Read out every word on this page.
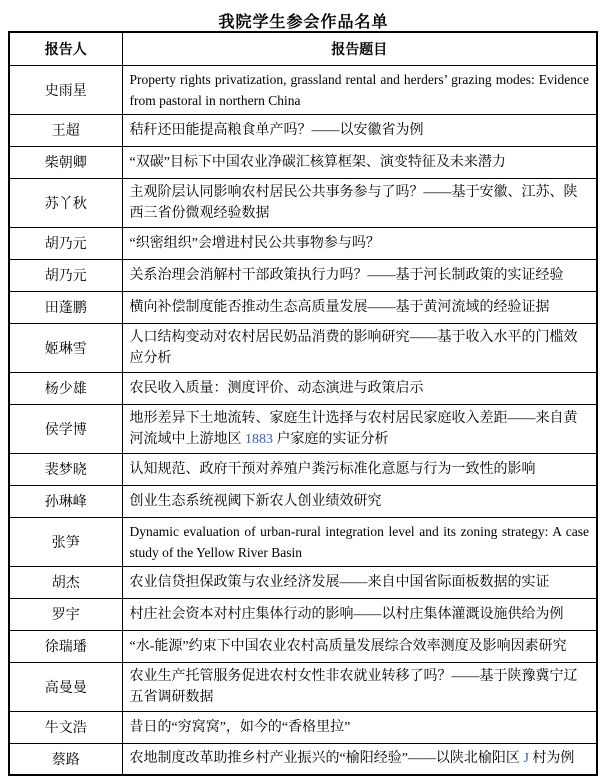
我院学生参会作品名单
报告人	报告题目
史雨星	Property rights privatization, grassland rental and herders’ grazing modes: Evidence from pastoral in northern China
王超	秸秆还田能提高粮食单产吗？——以安徽省为例
柴朝卿	“双碳”目标下中国农业净碳汇核算框架、演变特征及未来潜力
苏丫秋	主观阶层认同影响农村居民公共事务参与了吗？——基于安徽、江苏、陕西三省份微观经验数据
胡乃元	“织密组织”会增进村民公共事物参与吗？
胡乃元	关系治理会消解村干部政策执行力吗？——基于河长制政策的实证经验
田蓬鹏	横向补偿制度能否推动生态高质量发展——基于黄河流域的经验证据
姬琳雪	人口结构变动对农村居民奶品消费的影响研究——基于收入水平的门槛效应分析
杨少雄	农民收入质量：测度评价、动态演进与政策启示
侯学博	地形差异下土地流转、家庭生计选择与农村居民家庭收入差距——来自黄河流域中上游地区 1883 户家庭的实证分析
裴梦晓	认知规范、政府干预对养殖户粪污标准化意愿与行为一致性的影响
孙琳峰	创业生态系统视阈下新农人创业绩效研究
张笋	Dynamic evaluation of urban-rural integration level and its zoning strategy: A case study of the Yellow River Basin
胡杰	农业信贷担保政策与农业经济发展——来自中国省际面板数据的实证
罗宇	村庄社会资本对村庄集体行动的影响——以村庄集体灌溉设施供给为例
徐瑞璠	“水-能源”约束下中国农业农村高质量发展综合效率测度及影响因素研究
高曼曼	农业生产托管服务促进农村女性非农就业转移了吗？——基于陕豫冀宁辽五省调研数据
牛文浩	昔日的“穷窝窝”，如今的“香格里拉”
蔡路	农地制度改革助推乡村产业振兴的“榆阳经验”——以陕北榆阳区 J 村为例
